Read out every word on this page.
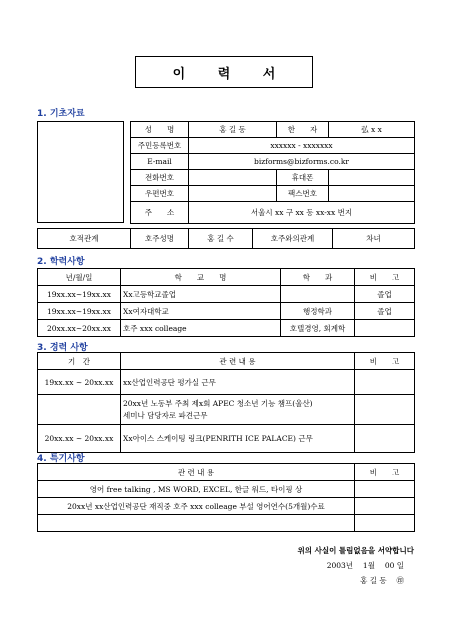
이 력 서
1. 기초자료
성　　명	홍 길 동	한　　자	弘 x x
주민등록번호	xxxxxx - xxxxxxx		
E-mail	bizforms@bizforms.co.kr		
전화번호		휴대폰	
우편번호		팩스번호	
주　　소	서울시 xx 구 xx 동 xx-xx 번지		
호적관계	호주성명	홍 길 수	호주와의관계	차녀
2. 학력사항
년/월/일	학　　교　　명	학　　과	비　　고
19xx.xx~19xx.xx	Xx고등학교졸업		졸업
19xx.xx~19xx.xx	Xx여자대학교	행정학과	졸업
20xx.xx~20xx.xx	호주 xxx colleage	호텔경영, 회계학	
3. 경력 사항
기　간	관 련 내 용	비　　고
19xx.xx ~ 20xx.xx	xx산업인력공단 평가실 근무	
	20xx년 노동부 주최 제x회 APEC 청소년 기능 챔프(울산)
세미나 담당자로 파견근무	
20xx.xx ~ 20xx.xx	Xx아이스 스케이팅 링크(PENRITH ICE PALACE) 근무	
4. 특기사항
관 련 내 용	비　　고
영어 free talking , MS WORD, EXCEL, 한글 워드, 타이핑 상	
20xx년 xx산업인력공단 재직중 호주 xxx colleage 부설 영어연수(5개월)수료	

위의 사실이 틀림없음을 서약합니다
2003년　 1월　 00 일
홍 길 동　 ㊞
